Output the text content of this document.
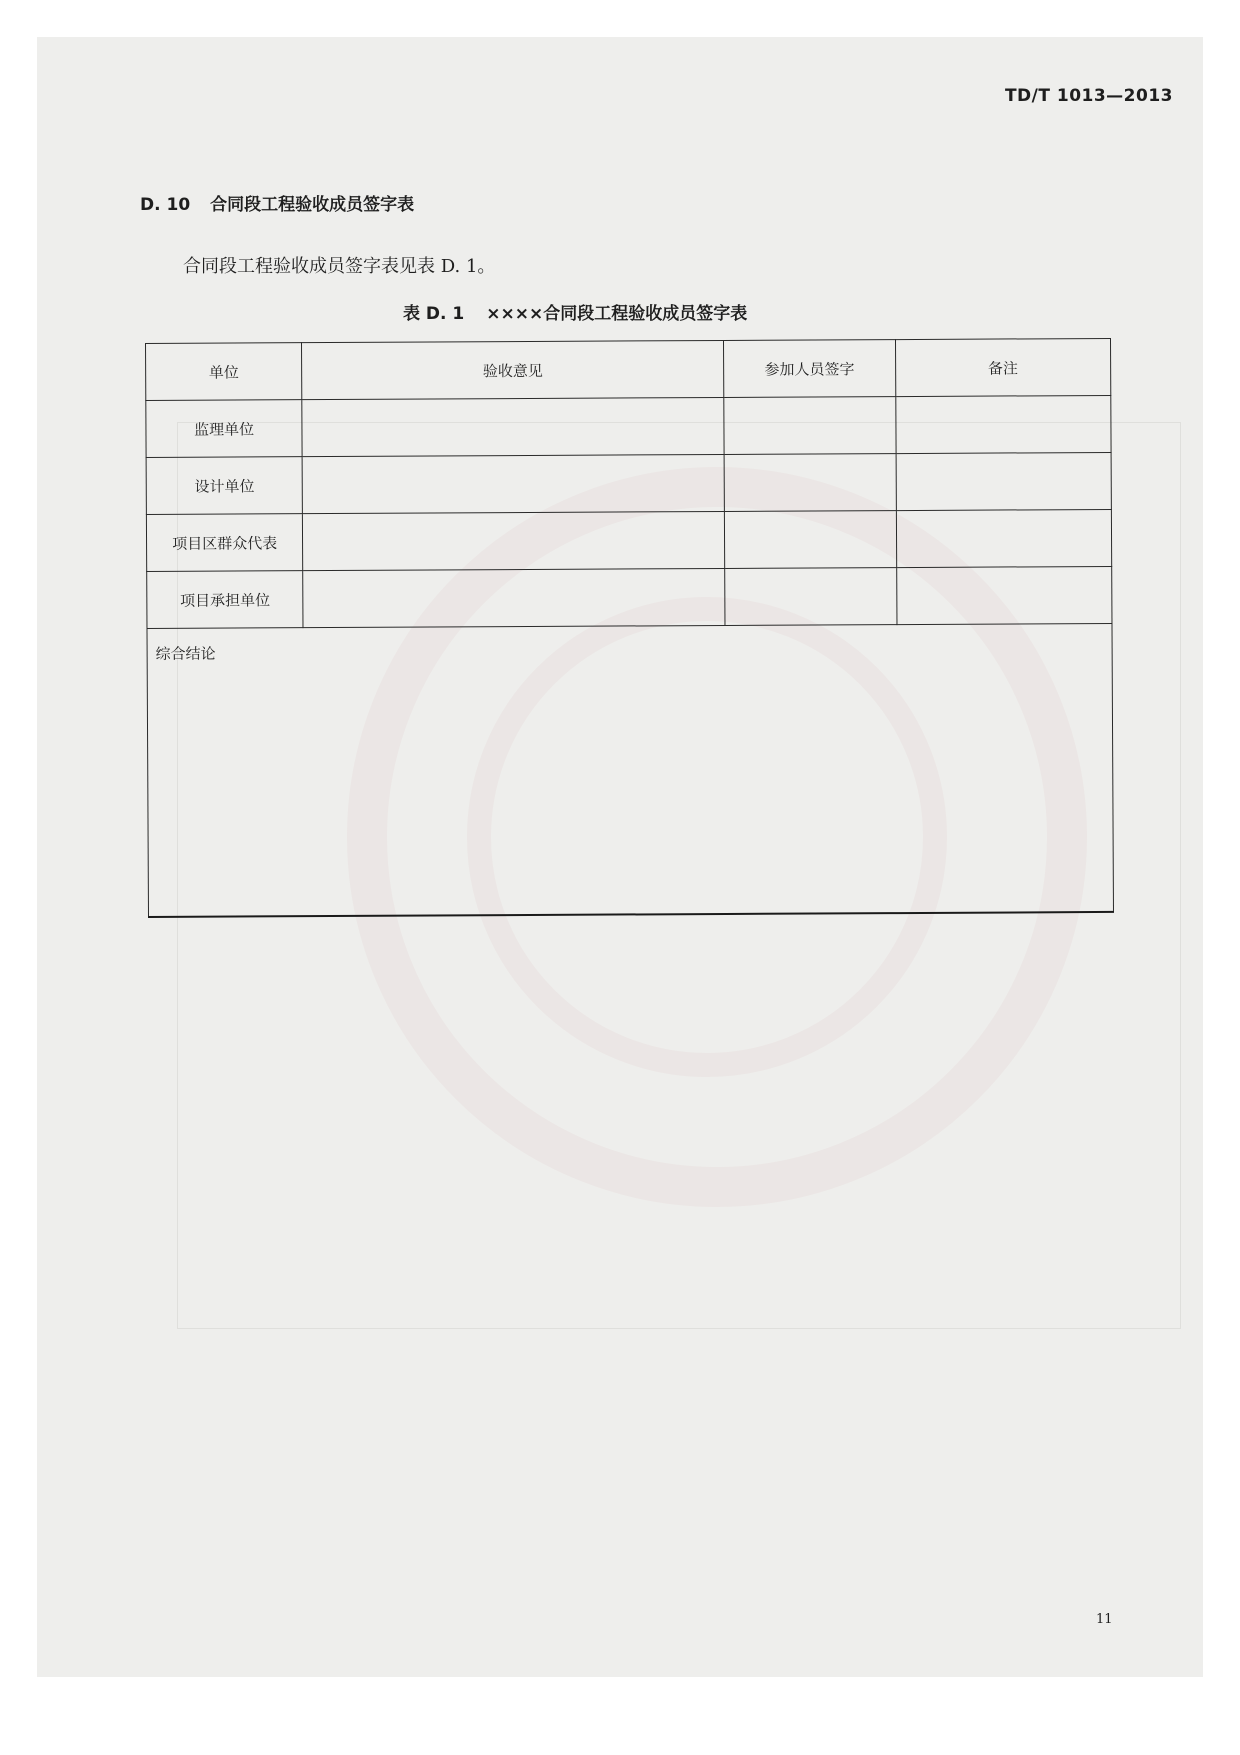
TD/T 1013—2013
D. 10 合同段工程验收成员签字表
合同段工程验收成员签字表见表 D. 1。
表 D. 1 ××××合同段工程验收成员签字表
单位	验收意见	参加人员签字	备注
监理单位			
设计单位			
项目区群众代表			
项目承担单位			

综合结论			
11
